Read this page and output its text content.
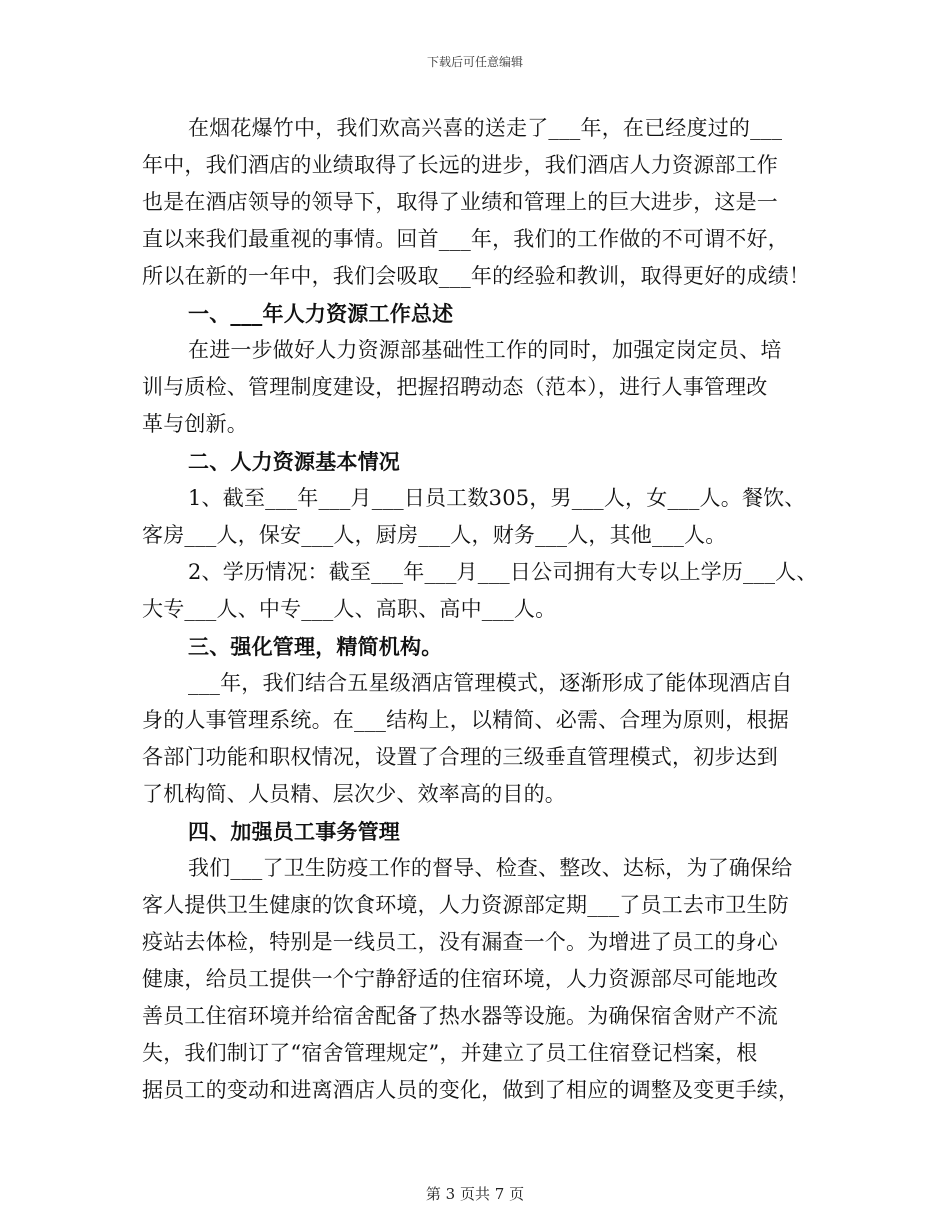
下载后可任意编辑
在烟花爆竹中，我们欢高兴喜的送走了___年，在已经度过的___
年中，我们酒店的业绩取得了长远的进步，我们酒店人力资源部工作
也是在酒店领导的领导下，取得了业绩和管理上的巨大进步，这是一
直以来我们最重视的事情。回首___年，我们的工作做的不可谓不好，
所以在新的一年中，我们会吸取___年的经验和教训，取得更好的成绩！
一、___年人力资源工作总述
在进一步做好人力资源部基础性工作的同时，加强定岗定员、培
训与质检、管理制度建设，把握招聘动态（范本），进行人事管理改
革与创新。
二、人力资源基本情况
1、截至___年___月___日员工数305，男___人，女___人。餐饮、
客房___人，保安___人，厨房___人，财务___人，其他___人。
2、学历情况：截至___年___月___日公司拥有大专以上学历___人、
大专___人、中专___人、高职、高中___人。
三、强化管理，精简机构。
___年，我们结合五星级酒店管理模式，逐渐形成了能体现酒店自
身的人事管理系统。在___结构上，以精简、必需、合理为原则，根据
各部门功能和职权情况，设置了合理的三级垂直管理模式，初步达到
了机构简、人员精、层次少、效率高的目的。
四、加强员工事务管理
我们___了卫生防疫工作的督导、检查、整改、达标，为了确保给
客人提供卫生健康的饮食环境，人力资源部定期___了员工去市卫生防
疫站去体检，特别是一线员工，没有漏查一个。为增进了员工的身心
健康，给员工提供一个宁静舒适的住宿环境，人力资源部尽可能地改
善员工住宿环境并给宿舍配备了热水器等设施。为确保宿舍财产不流
失，我们制订了“宿舍管理规定”，并建立了员工住宿登记档案，根
据员工的变动和进离酒店人员的变化，做到了相应的调整及变更手续，
第 3 页共 7 页
